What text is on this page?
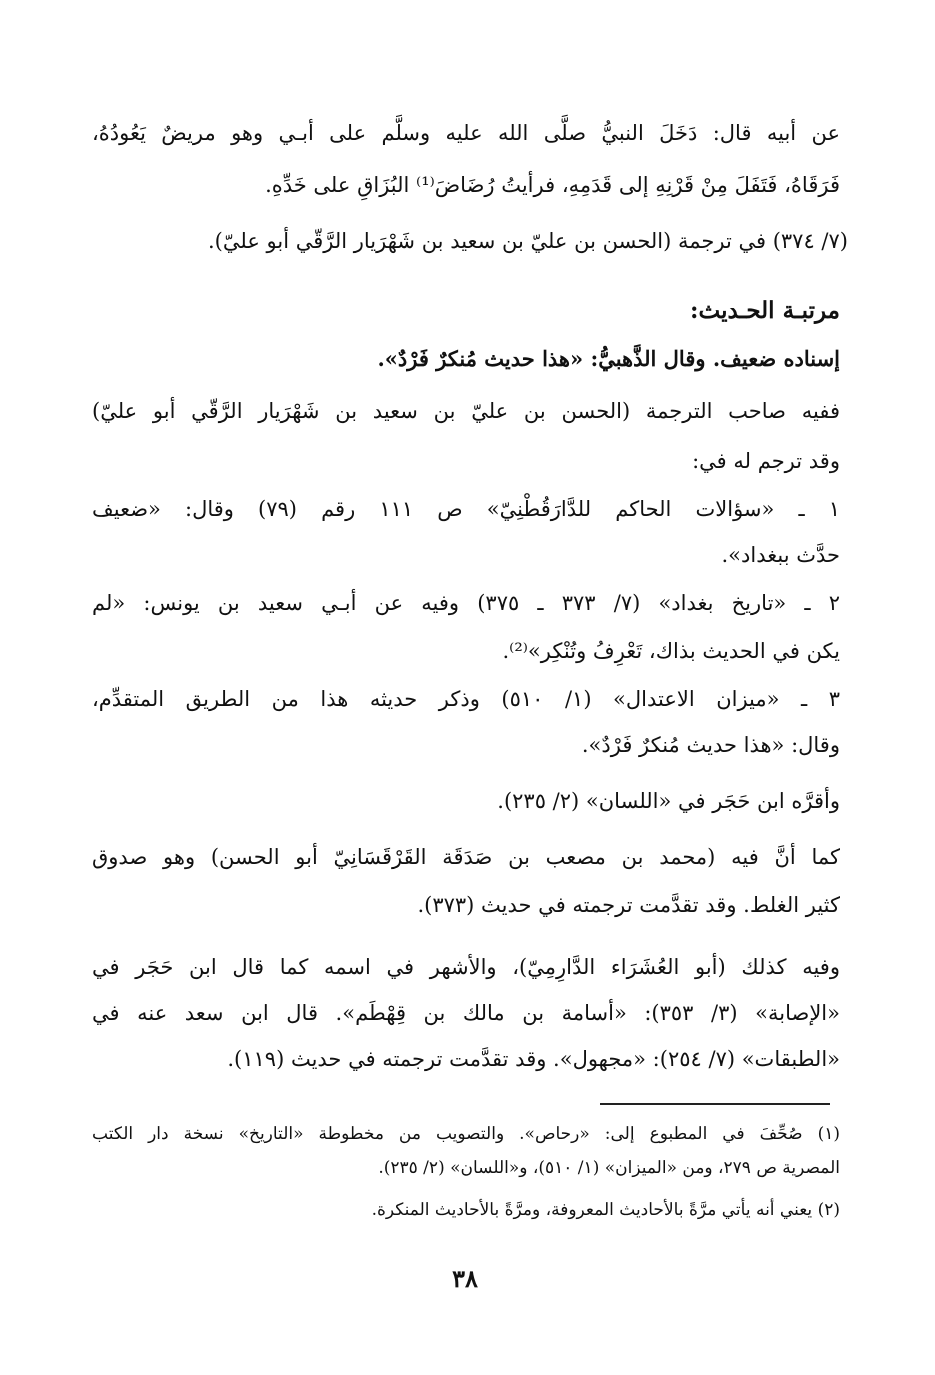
عن أبيه قال: دَخَلَ النبيُّ صلَّى الله عليه وسلَّم على أبـي وهو مريضٌ يَعُودُهُ،
فَرَقَاهُ، فَتَفَلَ مِنْ قَرْنِهِ إلى قَدَمِهِ، فرأيتُ رُضَاضَ⁽¹⁾ البُزَاقِ على خَدِّهِ.
(٧/ ٣٧٤) في ترجمة (الحسن بن عليّ بن سعيد بن شَهْرَيار الرَّقّي أبو عليّ).
مرتبـة الحـديث:
إسناده ضعيف. وقال الذَّهبيُّ: «هذا حديث مُنكرٌ فَرْدٌ».
ففيه صاحب الترجمة (الحسن بن عليّ بن سعيد بن شَهْرَيار الرَّقّي أبو عليّ)
وقد ترجم له في:
١ ـ «سؤالات الحاكم للدَّارَقُطْنِيّ» ص ١١١ رقم (٧٩) وقال: «ضعيف
حدَّث ببغداد».
٢ ـ «تاريخ بغداد» (٧/ ٣٧٣ ـ ٣٧٥) وفيه عن أبـي سعيد بن يونس: «لم
يكن في الحديث بذاك، تَعْرِفُ وتُنْكِر»⁽²⁾.
٣ ـ «ميزان الاعتدال» (١/ ٥١٠) وذكر حديثه هذا من الطريق المتقدِّم،
وقال: «هذا حديث مُنكرٌ فَرْدٌ».
وأقرَّه ابن حَجَر في «اللسان» (٢/ ٢٣٥).
كما أنَّ فيه (محمد بن مصعب بن صَدَقَة القَرْقَسَانِيّ أبو الحسن) وهو صدوق
كثير الغلط. وقد تقدَّمت ترجمته في حديث (٣٧٣).
وفيه كذلك (أبو العُشَرَاء الدَّارِمِيّ)، والأشهر في اسمه كما قال ابن حَجَر في
«الإصابة» (٣/ ٣٥٣): «أسامة بن مالك بن قِهْطَم». قال ابن سعد عنه في
«الطبقات» (٧/ ٢٥٤): «مجهول». وقد تقدَّمت ترجمته في حديث (١١٩).
(١) صُحِّفَ في المطبوع إلى: «رحاص». والتصويب من مخطوطة «التاريخ» نسخة دار الكتب
المصرية ص ٢٧٩، ومن «الميزان» (١/ ٥١٠)، و«اللسان» (٢/ ٢٣٥).
(٢) يعني أنه يأتي مرَّةً بالأحاديث المعروفة، ومرَّةً بالأحاديث المنكرة.
٣٨
